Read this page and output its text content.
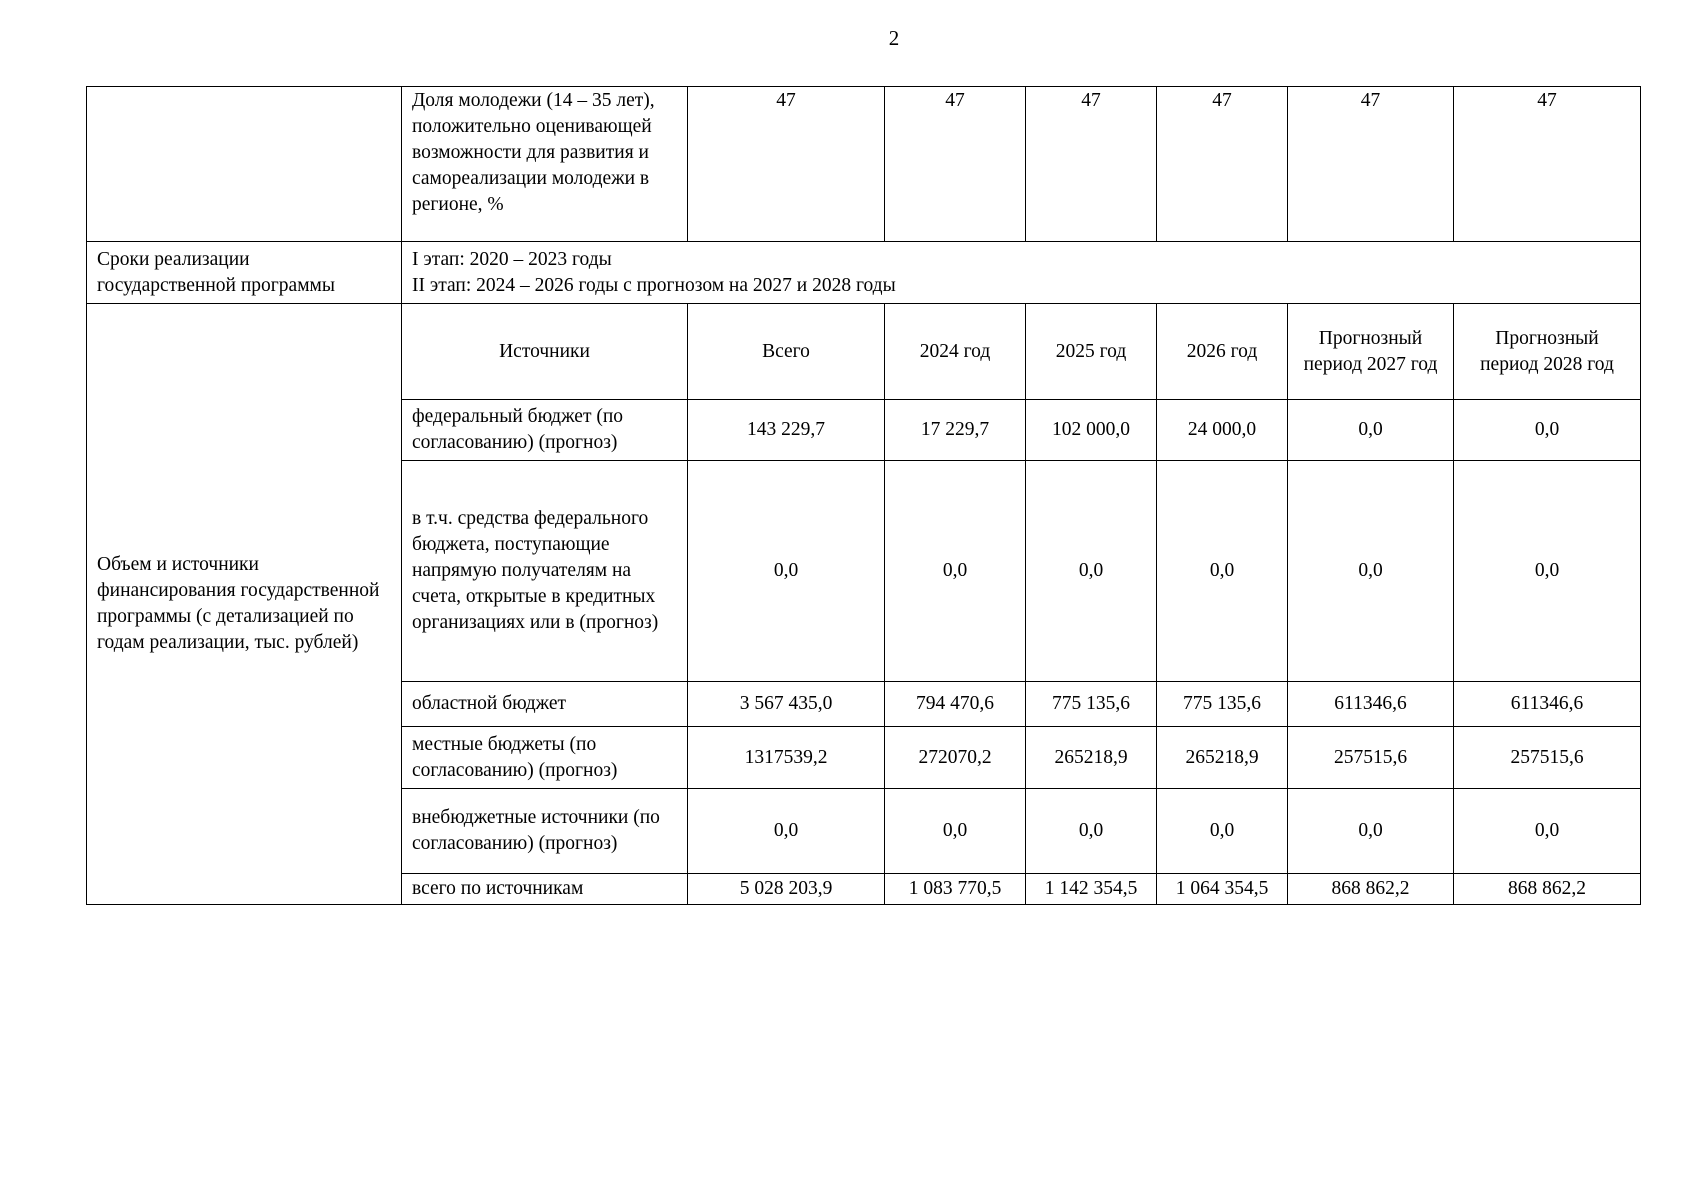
2
	Доля молодежи (14 – 35 лет), положительно оценивающей возможности для развития и самореализации молодежи в регионе, %	47	47	47	47	47	47
Сроки реализации государственной программы	I этап: 2020 – 2023 годы
II этап: 2024 – 2026 годы с прогнозом на 2027 и 2028 годы						

Объем и источники финансирования государственной программы (с детализацией по годам реализации, тыс. рублей)	Источники	Всего	2024 год	2025 год	2026 год	Прогнозный период 2027 год	Прогнозный период 2028 год
	федеральный бюджет (по согласованию) (прогноз)	143 229,7	17 229,7	102 000,0	24 000,0	0,0	0,0
	в т.ч. средства федерального бюджета, поступающие напрямую получателям на счета, открытые в кредитных организациях или в (прогноз)	0,0	0,0	0,0	0,0	0,0	0,0
	областной бюджет	3 567 435,0	794 470,6	775 135,6	775 135,6	611346,6	611346,6
	местные бюджеты (по согласованию) (прогноз)	1317539,2	272070,2	265218,9	265218,9	257515,6	257515,6
	внебюджетные источники (по согласованию) (прогноз)	0,0	0,0	0,0	0,0	0,0	0,0
	всего по источникам	5 028 203,9	1 083 770,5	1 142 354,5	1 064 354,5	868 862,2	868 862,2
